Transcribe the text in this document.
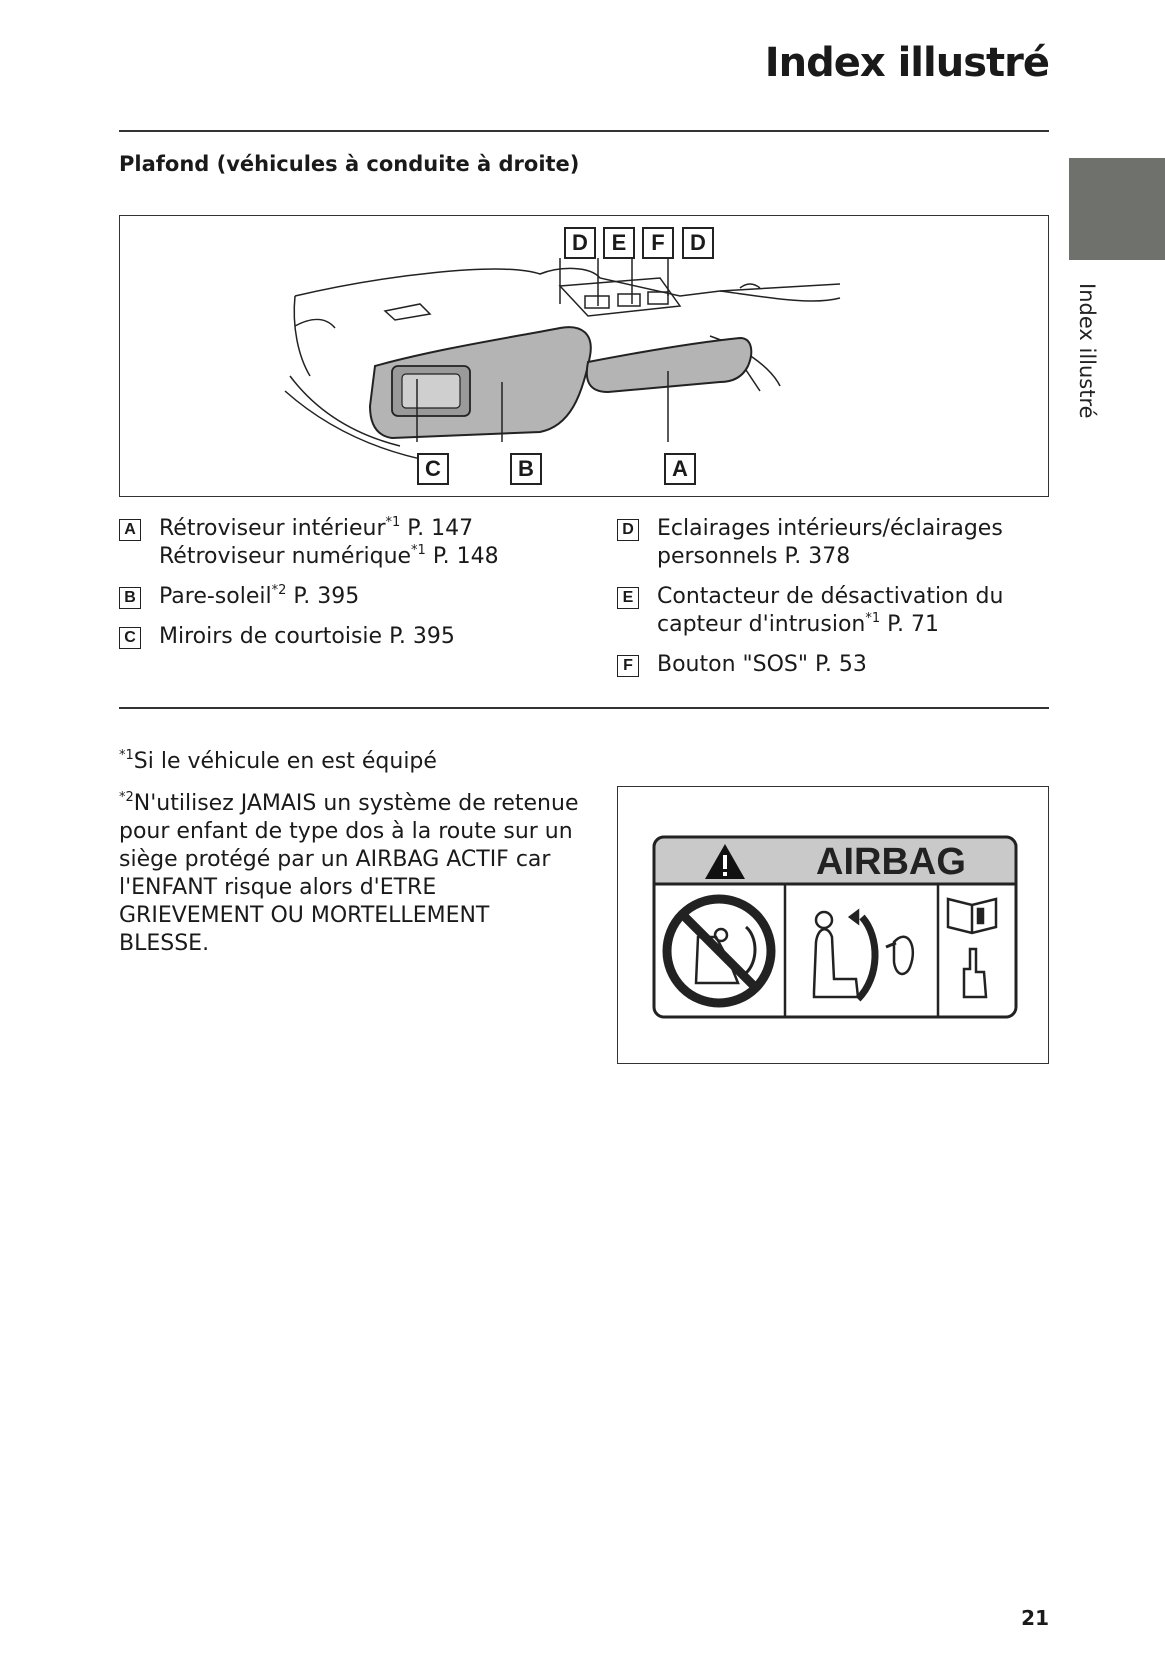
Index illustré
Plafond (véhicules à conduite à droite)
Index illustré
D	E	F	D
C	B	A
A Rétroviseur intérieur$^{*1}$ P. 147
Rétroviseur numérique$^{*1}$ P. 148
B Pare-soleil$^{*2}$ P. 395
C Miroirs de courtoisie P. 395
D Eclairages intérieurs/éclairages
personnels P. 378
E Contacteur de désactivation du
capteur d'intrusion$^{*1}$ P. 71
F Bouton "SOS" P. 53

$^{*1}$Si le véhicule en est équipé

$^{*2}$N'utilisez JAMAIS un système de retenue pour enfant de type dos à la route sur un siège protégé par un AIRBAG ACTIF car l'ENFANT risque alors d'ETRE GRIEVEMENT OU MORTELLEMENT BLESSE.

AIRBAG
21
